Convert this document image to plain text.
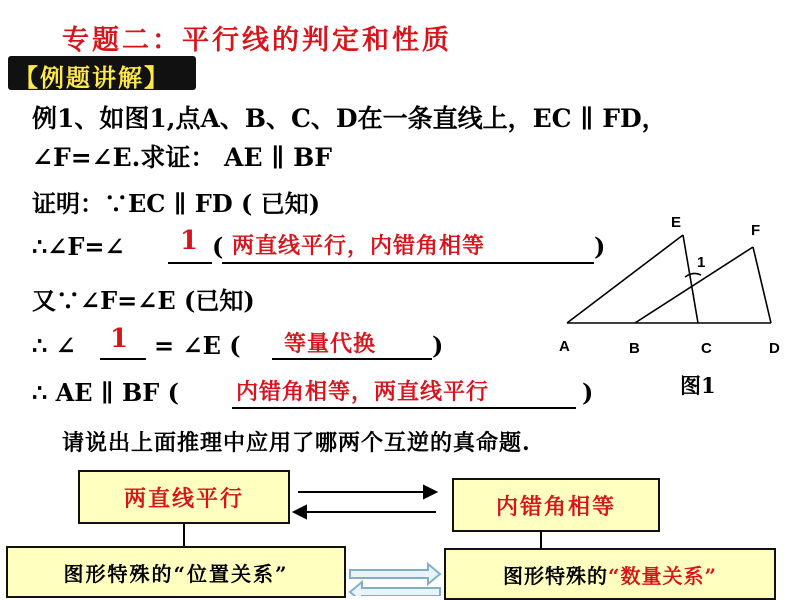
专题二：平行线的判定和性质
【例题讲解】
例1、如图1,点A、B、C、D在一条直线上，EC ∥ FD，
∠F=∠E.求证： AE ∥ BF
证明：∵EC ∥ FD ( 已知)
∴∠F=∠ 1 ( 两直线平行，内错角相等	)
又∵∠F=∠E (已知)
∴ ∠ 1 = ∠E ( 等量代换 )
∴ AE ∥ BF (	内错角相等，两直线平行	)
E	F
1
A	B	C	D
图1
请说出上面推理中应用了哪两个互逆的真命题.
两直线平行	内错角相等
图形特殊的“位置关系”	图形特殊的 “数量关系”
